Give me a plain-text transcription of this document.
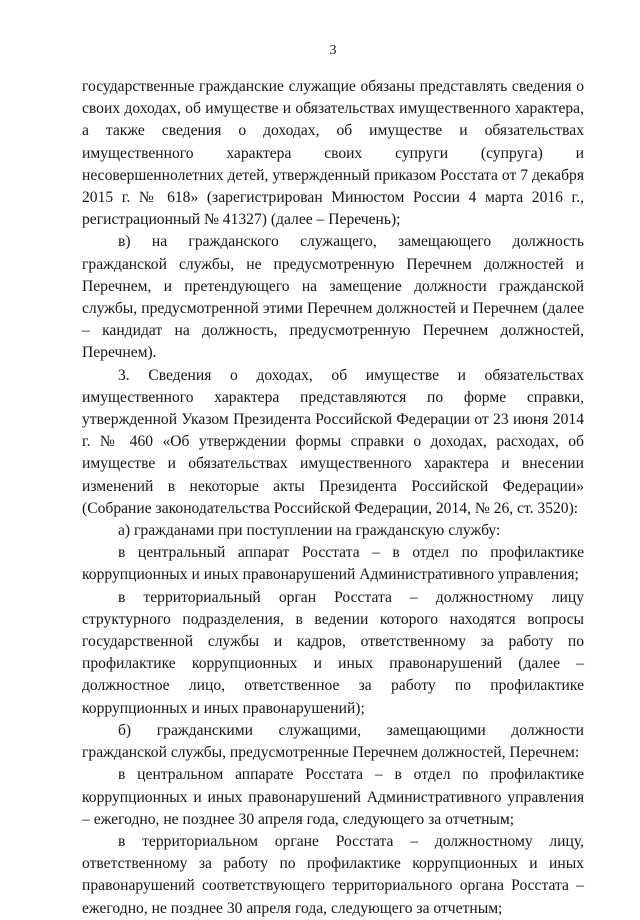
3

государственные гражданские служащие обязаны представлять сведения о своих доходах, об имуществе и обязательствах имущественного характера, а также сведения о доходах, об имуществе и обязательствах имущественного характера своих супруги (супруга) и несовершеннолетних детей, утвержденный приказом Росстата от 7 декабря 2015 г. № 618» (зарегистрирован Минюстом России 4 марта 2016 г., регистрационный № 41327) (далее – Перечень);

в) на гражданского служащего, замещающего должность гражданской службы, не предусмотренную Перечнем должностей и Перечнем, и претендующего на замещение должности гражданской службы, предусмотренной этими Перечнем должностей и Перечнем (далее – кандидат на должность, предусмотренную Перечнем должностей, Перечнем).

3. Сведения о доходах, об имуществе и обязательствах имущественного характера представляются по форме справки, утвержденной Указом Президента Российской Федерации от 23 июня 2014 г. № 460 «Об утверждении формы справки о доходах, расходах, об имуществе и обязательствах имущественного характера и внесении изменений в некоторые акты Президента Российской Федерации» (Собрание законодательства Российской Федерации, 2014, № 26, ст. 3520):

а) гражданами при поступлении на гражданскую службу:

в центральный аппарат Росстата – в отдел по профилактике коррупционных и иных правонарушений Административного управления;

в территориальный орган Росстата – должностному лицу структурного подразделения, в ведении которого находятся вопросы государственной службы и кадров, ответственному за работу по профилактике коррупционных и иных правонарушений (далее – должностное лицо, ответственное за работу по профилактике коррупционных и иных правонарушений);

б) гражданскими служащими, замещающими должности гражданской службы, предусмотренные Перечнем должностей, Перечнем:

в центральном аппарате Росстата – в отдел по профилактике коррупционных и иных правонарушений Административного управления – ежегодно, не позднее 30 апреля года, следующего за отчетным;

в территориальном органе Росстата – должностному лицу, ответственному за работу по профилактике коррупционных и иных правонарушений соответствующего территориального органа Росстата – ежегодно, не позднее 30 апреля года, следующего за отчетным;
